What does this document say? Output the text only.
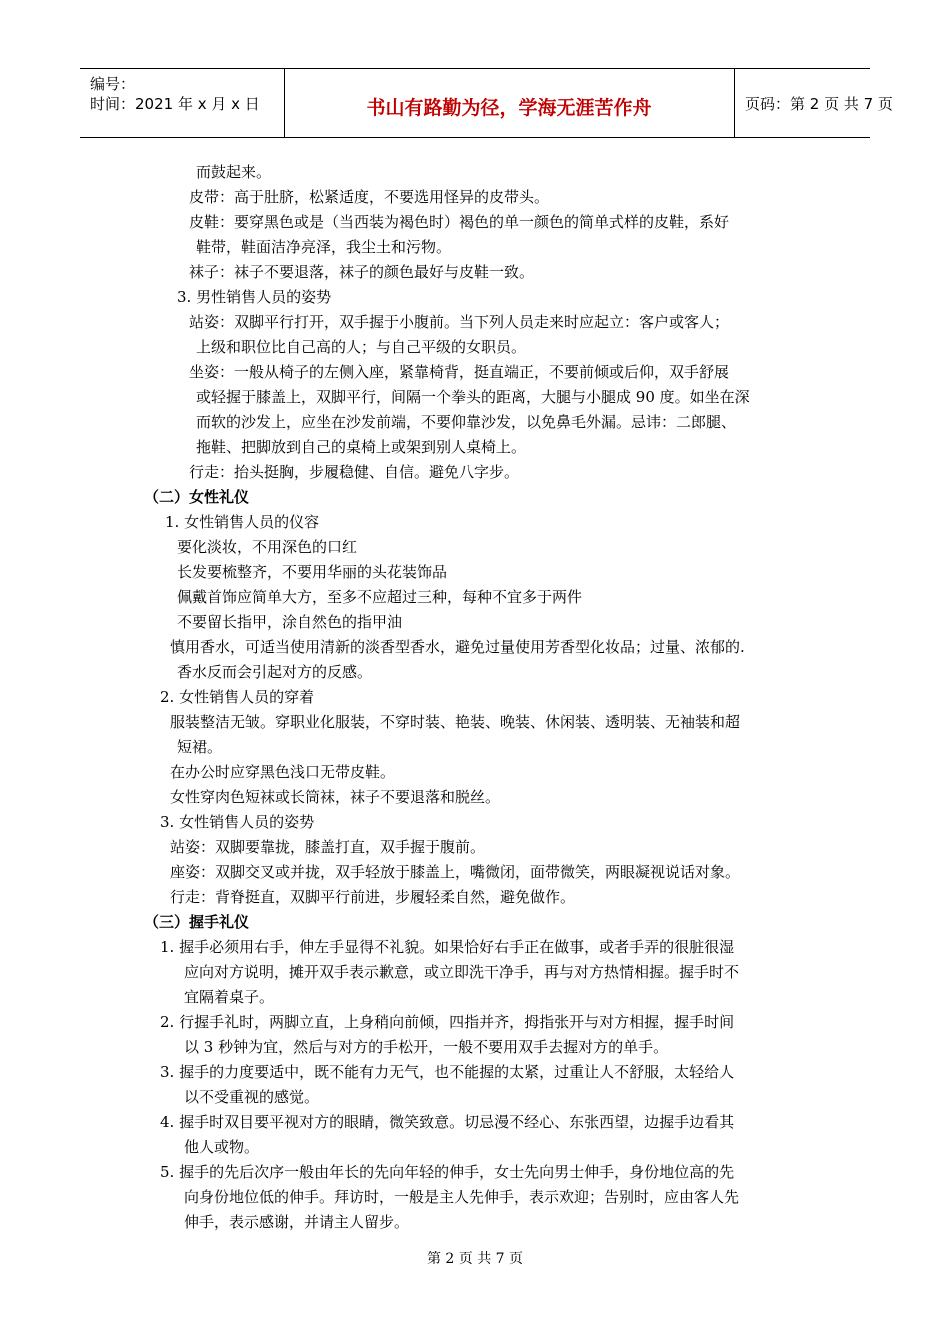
编号：
时间：2021 年 x 月 x 日	书山有路勤为径，学海无涯苦作舟	页码：第 2 页 共 7 页
而鼓起来。
皮带：高于肚脐，松紧适度，不要选用怪异的皮带头。
皮鞋：要穿黑色或是（当西装为褐色时）褐色的单一颜色的简单式样的皮鞋，系好
鞋带，鞋面洁净亮泽，我尘土和污物。
袜子：袜子不要退落，袜子的颜色最好与皮鞋一致。
3. 男性销售人员的姿势
站姿：双脚平行打开，双手握于小腹前。当下列人员走来时应起立：客户或客人；
上级和职位比自己高的人；与自己平级的女职员。
坐姿：一般从椅子的左侧入座，紧靠椅背，挺直端正，不要前倾或后仰，双手舒展
或轻握于膝盖上，双脚平行，间隔一个拳头的距离，大腿与小腿成 90 度。如坐在深
而软的沙发上，应坐在沙发前端，不要仰靠沙发，以免鼻毛外漏。忌讳：二郎腿、
拖鞋、把脚放到自己的桌椅上或架到别人桌椅上。
行走：抬头挺胸，步履稳健、自信。避免八字步。
（二）女性礼仪
1. 女性销售人员的仪容
要化淡妆，不用深色的口红
长发要梳整齐，不要用华丽的头花装饰品
佩戴首饰应简单大方，至多不应超过三种，每种不宜多于两件
不要留长指甲，涂自然色的指甲油
慎用香水，可适当使用清新的淡香型香水，避免过量使用芳香型化妆品；过量、浓郁的.
香水反而会引起对方的反感。
2. 女性销售人员的穿着
服装整洁无皱。穿职业化服装，不穿时装、艳装、晚装、休闲装、透明装、无袖装和超
短裙。
在办公时应穿黑色浅口无带皮鞋。
女性穿肉色短袜或长筒袜，袜子不要退落和脱丝。
3. 女性销售人员的姿势
站姿：双脚要靠拢，膝盖打直，双手握于腹前。
座姿：双脚交叉或并拢，双手轻放于膝盖上，嘴微闭，面带微笑，两眼凝视说话对象。
行走：背脊挺直，双脚平行前进，步履轻柔自然，避免做作。
（三）握手礼仪
1. 握手必须用右手，伸左手显得不礼貌。如果恰好右手正在做事，或者手弄的很脏很湿
应向对方说明，摊开双手表示歉意，或立即洗干净手，再与对方热情相握。握手时不
宜隔着桌子。
2. 行握手礼时，两脚立直，上身稍向前倾，四指并齐，拇指张开与对方相握，握手时间
以 3 秒钟为宜，然后与对方的手松开，一般不要用双手去握对方的单手。
3. 握手的力度要适中，既不能有力无气，也不能握的太紧，过重让人不舒服，太轻给人
以不受重视的感觉。
4. 握手时双目要平视对方的眼睛，微笑致意。切忌漫不经心、东张西望，边握手边看其
他人或物。
5. 握手的先后次序一般由年长的先向年轻的伸手，女士先向男士伸手，身份地位高的先
向身份地位低的伸手。拜访时，一般是主人先伸手，表示欢迎；告别时，应由客人先
伸手，表示感谢，并请主人留步。
第 2 页 共 7 页
